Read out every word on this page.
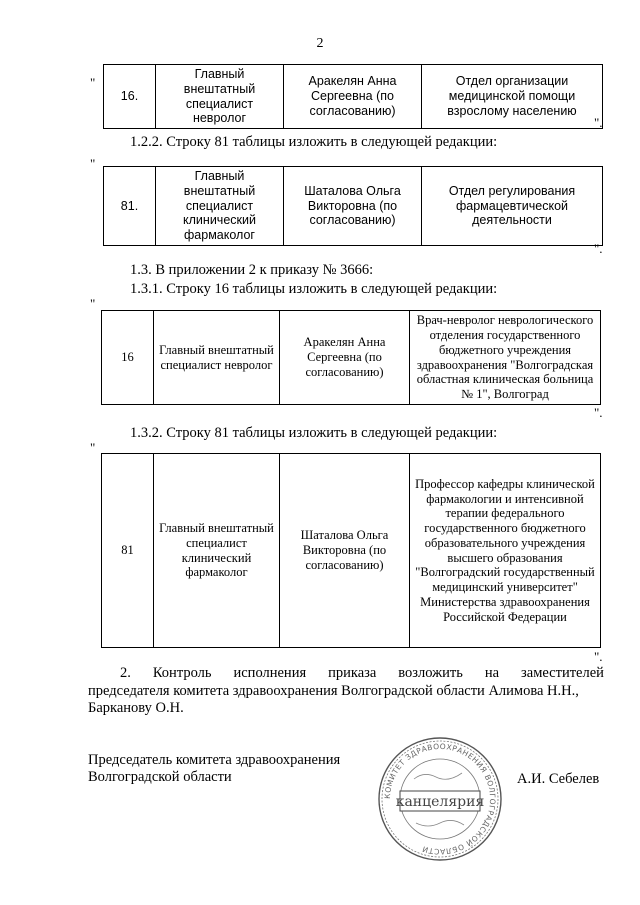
2
"
16.	Главный внештатный специалист невролог	Аракелян Анна Сергеевна (по согласованию)	Отдел организации медицинской помощи взрослому населению
".
1.2.2. Строку 81 таблицы изложить в следующей редакции:
"
81.	Главный внештатный специалист клинический фармаколог	Шаталова Ольга Викторовна (по согласованию)	Отдел регулирования фармацевтической деятельности
".
1.3. В приложении 2 к приказу № 3666:
1.3.1. Строку 16 таблицы изложить в следующей редакции:
"
16	Главный внештатный специалист невролог	Аракелян Анна Сергеевна (по согласованию)	Врач-невролог неврологического отделения государственного бюджетного учреждения здравоохранения "Волгоградская областная клиническая больница № 1", Волгоград
".
1.3.2. Строку 81 таблицы изложить в следующей редакции:
"
81	Главный внештатный специалист клинический фармаколог	Шаталова Ольга Викторовна (по согласованию)	Профессор кафедры клинической фармакологии и интенсивной терапии федерального государственного бюджетного образовательного учреждения высшего образования "Волгоградский государственный медицинский университет" Министерства здравоохранения Российской Федерации
".
2. Контроль исполнения приказа возложить на заместителей
председателя комитета здравоохранения Волгоградской области Алимова Н.Н.,
Барканову О.Н.
Председатель комитета здравоохранения
Волгоградской области	А.И. Себелев
КОМИТЕТ ЗДРАВООХРАНЕНИЯ ВОЛГОГРАДСКОЙ ОБЛАСТИ
канцелярия
